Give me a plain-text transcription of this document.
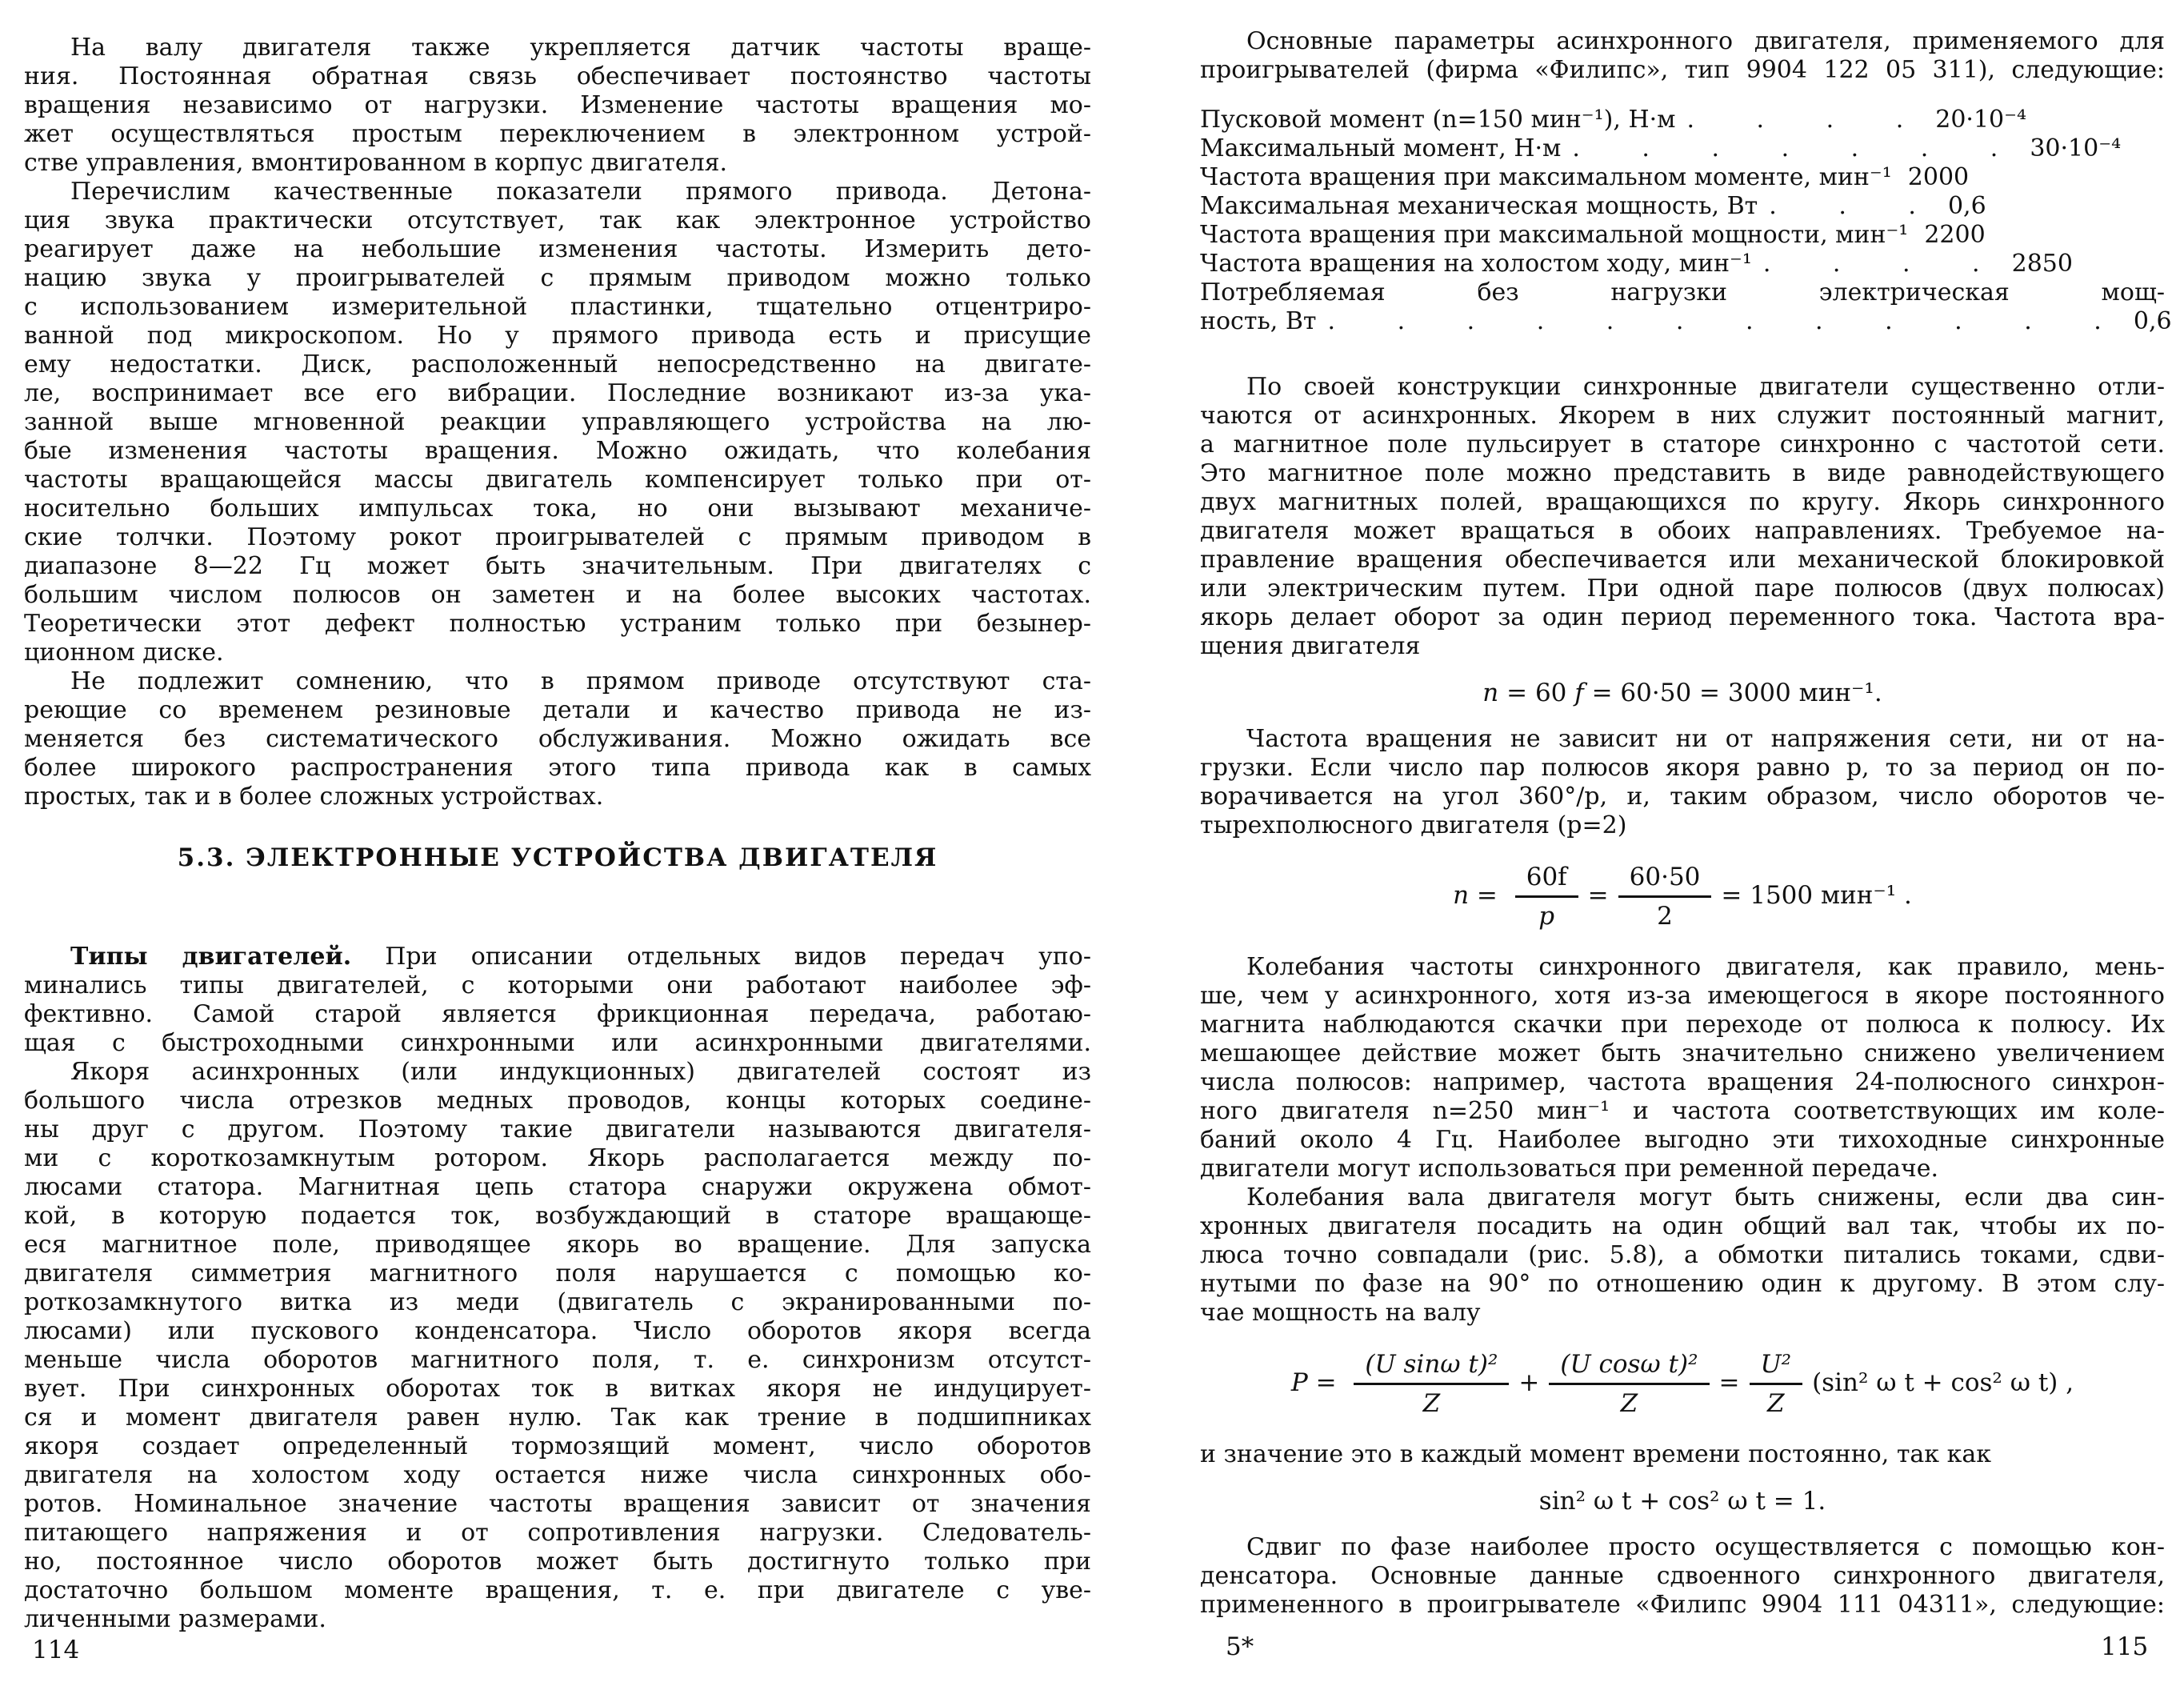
На валу двигателя также укрепляется датчик частоты враще-
ния. Постоянная обратная связь обеспечивает постоянство частоты
вращения независимо от нагрузки. Изменение частоты вращения мо-
жет осуществляться простым переключением в электронном устрой-
стве управления, вмонтированном в корпус двигателя.
Перечислим качественные показатели прямого привода. Детона-
ция звука практически отсутствует, так как электронное устройство
реагирует даже на небольшие изменения частоты. Измерить дето-
нацию звука у проигрывателей с прямым приводом можно только
с использованием измерительной пластинки, тщательно отцентриро-
ванной под микроскопом. Но у прямого привода есть и присущие
ему недостатки. Диск, расположенный непосредственно на двигате-
ле, воспринимает все его вибрации. Последние возникают из-за ука-
занной выше мгновенной реакции управляющего устройства на лю-
бые изменения частоты вращения. Можно ожидать, что колебания
частоты вращающейся массы двигатель компенсирует только при от-
носительно больших импульсах тока, но они вызывают механиче-
ские толчки. Поэтому рокот проигрывателей с прямым приводом в
диапазоне 8—22 Гц может быть значительным. При двигателях с
большим числом полюсов он заметен и на более высоких частотах.
Теоретически этот дефект полностью устраним только при безынер-
ционном диске.
Не подлежит сомнению, что в прямом приводе отсутствуют ста-
реющие со временем резиновые детали и качество привода не из-
меняется без систематического обслуживания. Можно ожидать все
более широкого распространения этого типа привода как в самых
простых, так и в более сложных устройствах.
5.3. ЭЛЕКТРОННЫЕ УСТРОЙСТВА ДВИГАТЕЛЯ
Типы двигателей. При описании отдельных видов передач упо-
минались типы двигателей, с которыми они работают наиболее эф-
фективно. Самой старой является фрикционная передача, работаю-
щая с быстроходными синхронными или асинхронными двигателями.
Якоря асинхронных (или индукционных) двигателей состоят из
большого числа отрезков медных проводов, концы которых соедине-
ны друг с другом. Поэтому такие двигатели называются двигателя-
ми с короткозамкнутым ротором. Якорь располагается между по-
люсами статора. Магнитная цепь статора снаружи окружена обмот-
кой, в которую подается ток, возбуждающий в статоре вращающе-
еся магнитное поле, приводящее якорь во вращение. Для запуска
двигателя симметрия магнитного поля нарушается с помощью ко-
роткозамкнутого витка из меди (двигатель с экранированными по-
люсами) или пускового конденсатора. Число оборотов якоря всегда
меньше числа оборотов магнитного поля, т. е. синхронизм отсутст-
вует. При синхронных оборотах ток в витках якоря не индуцирует-
ся и момент двигателя равен нулю. Так как трение в подшипниках
якоря создает определенный тормозящий момент, число оборотов
двигателя на холостом ходу остается ниже числа синхронных обо-
ротов. Номинальное значение частоты вращения зависит от значения
питающего напряжения и от сопротивления нагрузки. Следователь-
но, постоянное число оборотов может быть достигнуто только при
достаточно большом моменте вращения, т. е. при двигателе с уве-
личенными размерами.
Основные параметры асинхронного двигателя, применяемого для
проигрывателей (фирма «Филипс», тип 9904 122 05 311), следующие:
Пусковой момент (n=150 мин⁻¹), Н·м . . . . 20·10⁻⁴
Максимальный момент, Н·м . . . . . . . 30·10⁻⁴
Частота вращения при максимальном моменте, мин⁻¹ 2000
Максимальная механическая мощность, Вт . . . 0,6
Частота вращения при максимальной мощности, мин⁻¹ 2200
Частота вращения на холостом ходу, мин⁻¹ . . . . 2850
Потребляемая без нагрузки электрическая мощ-
ность, Вт . . . . . . . . . . . . 0,6
По своей конструкции синхронные двигатели существенно отли-
чаются от асинхронных. Якорем в них служит постоянный магнит,
а магнитное поле пульсирует в статоре синхронно с частотой сети.
Это магнитное поле можно представить в виде равнодействующего
двух магнитных полей, вращающихся по кругу. Якорь синхронного
двигателя может вращаться в обоих направлениях. Требуемое на-
правление вращения обеспечивается или механической блокировкой
или электрическим путем. При одной паре полюсов (двух полюсах)
якорь делает оборот за один период переменного тока. Частота вра-
щения двигателя
n = 60 f = 60·50 = 3000 мин⁻¹.
Частота вращения не зависит ни от напряжения сети, ни от на-
грузки. Если число пар полюсов якоря равно p, то за период он по-
ворачивается на угол 360°/p, и, таким образом, число оборотов че-
тырехполюсного двигателя (p=2)
$n = \frac{60f}{p} = \frac{60\cdot 50}{2} = 1500$ мин⁻¹ .
Колебания частоты синхронного двигателя, как правило, мень-
ше, чем у асинхронного, хотя из-за имеющегося в якоре постоянного
магнита наблюдаются скачки при переходе от полюса к полюсу. Их
мешающее действие может быть значительно снижено увеличением
числа полюсов: например, частота вращения 24-полюсного синхрон-
ного двигателя n=250 мин⁻¹ и частота соответствующих им коле-
баний около 4 Гц. Наиболее выгодно эти тихоходные синхронные
двигатели могут использоваться при ременной передаче.
Колебания вала двигателя могут быть снижены, если два син-
хронных двигателя посадить на один общий вал так, чтобы их по-
люса точно совпадали (рис. 5.8), а обмотки питались токами, сдви-
нутыми по фазе на 90° по отношению один к другому. В этом слу-
чае мощность на валу
$P = \frac{\text{(U sinω t)²}}{Z} + \frac{\text{(U cosω t)²}}{Z} = \frac{\text{U²}}{Z} (\sin^2$ ω t + cos² ω t) ,
и значение это в каждый момент времени постоянно, так как
sin² ω t + cos² ω t = 1.
Сдвиг по фазе наиболее просто осуществляется с помощью кон-
денсатора. Основные данные сдвоенного синхронного двигателя,
примененного в проигрывателе «Филипс 9904 111 04311», следующие:
114	5*	115
